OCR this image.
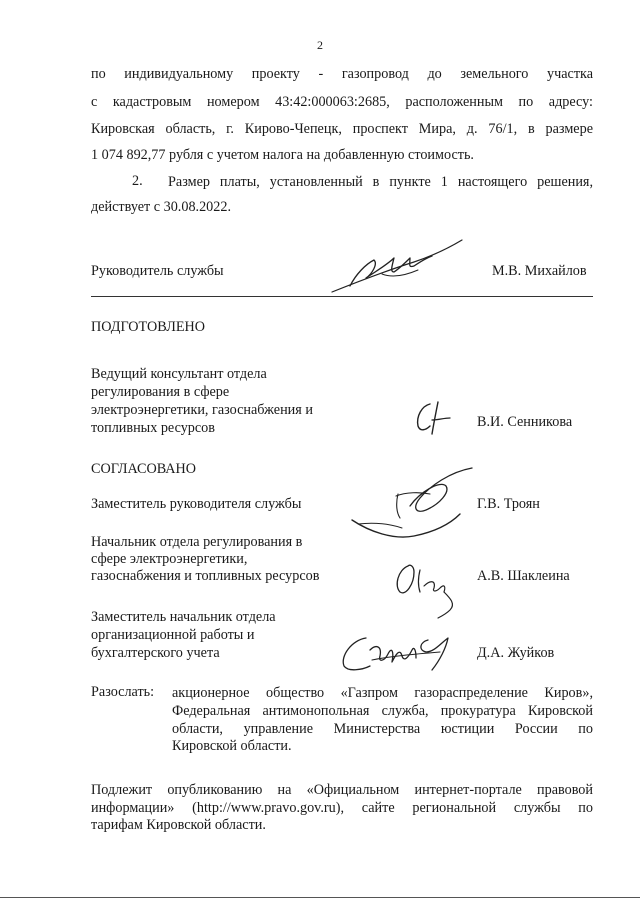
2
по индивидуальному проекту - газопровод до земельного участка
с кадастровым номером 43:42:000063:2685, расположенным по адресу:
Кировская область, г. Кирово-Чепецк, проспект Мира, д. 76/1, в размере
1 074 892,77 рубля с учетом налога на добавленную стоимость.
2. Размер платы, установленный в пункте 1 настоящего решения,
действует с 30.08.2022.
Руководитель службы	М.В. Михайлов
ПОДГОТОВЛЕНО
Ведущий консультант отдела
регулирования в сфере
электроэнергетики, газоснабжения и
топливных ресурсов	В.И. Сенникова
СОГЛАСОВАНО
Заместитель руководителя службы	Г.В. Троян
Начальник отдела регулирования в
сфере электроэнергетики,
газоснабжения и топливных ресурсов	А.В. Шаклеина
Заместитель начальник отдела
организационной работы и
бухгалтерского учета	Д.А. Жуйков
Разослать: акционерное общество «Газпром газораспределение Киров»,
Федеральная антимонопольная служба, прокуратура Кировской
области, управление Министерства юстиции России по
Кировской области.
Подлежит опубликованию на «Официальном интернет-портале правовой
информации» (http://www.pravo.gov.ru), сайте региональной службы по
тарифам Кировской области.
